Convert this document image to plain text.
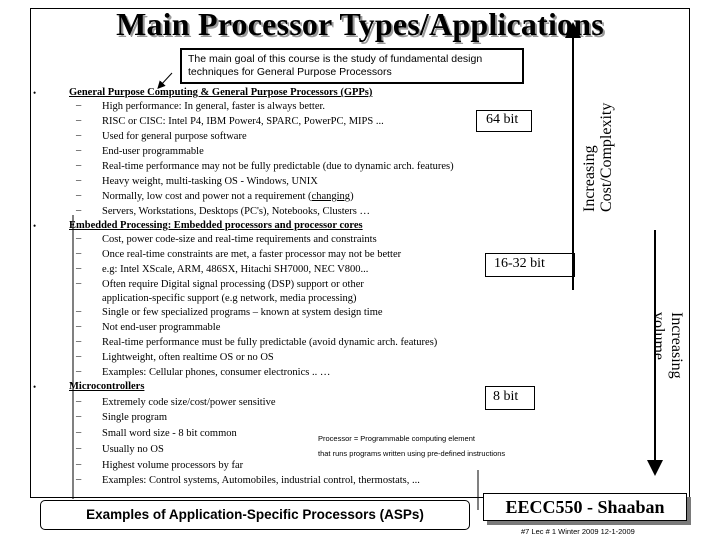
Main Processor Types/Applications
The main goal of this course is the study of fundamental design
techniques for General Purpose Processors
64 bit
16-32 bit
8 bit
•	General Purpose Computing & General Purpose Processors (GPPs)
– High performance: In general, faster is always better.
– RISC or CISC: Intel P4, IBM Power4, SPARC, PowerPC, MIPS ...
– Used for general purpose software
– End-user programmable
– Real-time performance may not be fully predictable (due to dynamic arch. features)
– Heavy weight, multi-tasking OS - Windows, UNIX
– Normally, low cost and power not a requirement (changing)
– Servers, Workstations, Desktops (PC's), Notebooks, Clusters …
•	Embedded Processing: Embedded processors and processor cores
– Cost, power code-size and real-time requirements and constraints
– Once real-time constraints are met, a faster processor may not be better
– e.g: Intel XScale, ARM, 486SX, Hitachi SH7000, NEC V800...
– Often require Digital signal processing (DSP) support or other
application-specific support (e.g network, media processing)
– Single or few specialized programs – known at system design time
– Not end-user programmable
– Real-time performance must be fully predictable (avoid dynamic arch. features)
– Lightweight, often realtime OS or no OS
– Examples: Cellular phones, consumer electronics .. …
•	Microcontrollers
– Extremely code size/cost/power sensitive
– Single program
– Small word size - 8 bit common
– Usually no OS
– Highest volume processors by far
– Examples: Control systems, Automobiles, industrial control, thermostats, ...
Processor = Programmable computing element
that runs programs written using pre-defined instructions
Increasing Cost/Complexity
Increasing
volume
Examples of Application-Specific Processors (ASPs)	EECC550 - Shaaban
#7 Lec # 1 Winter 2009 12-1-2009
